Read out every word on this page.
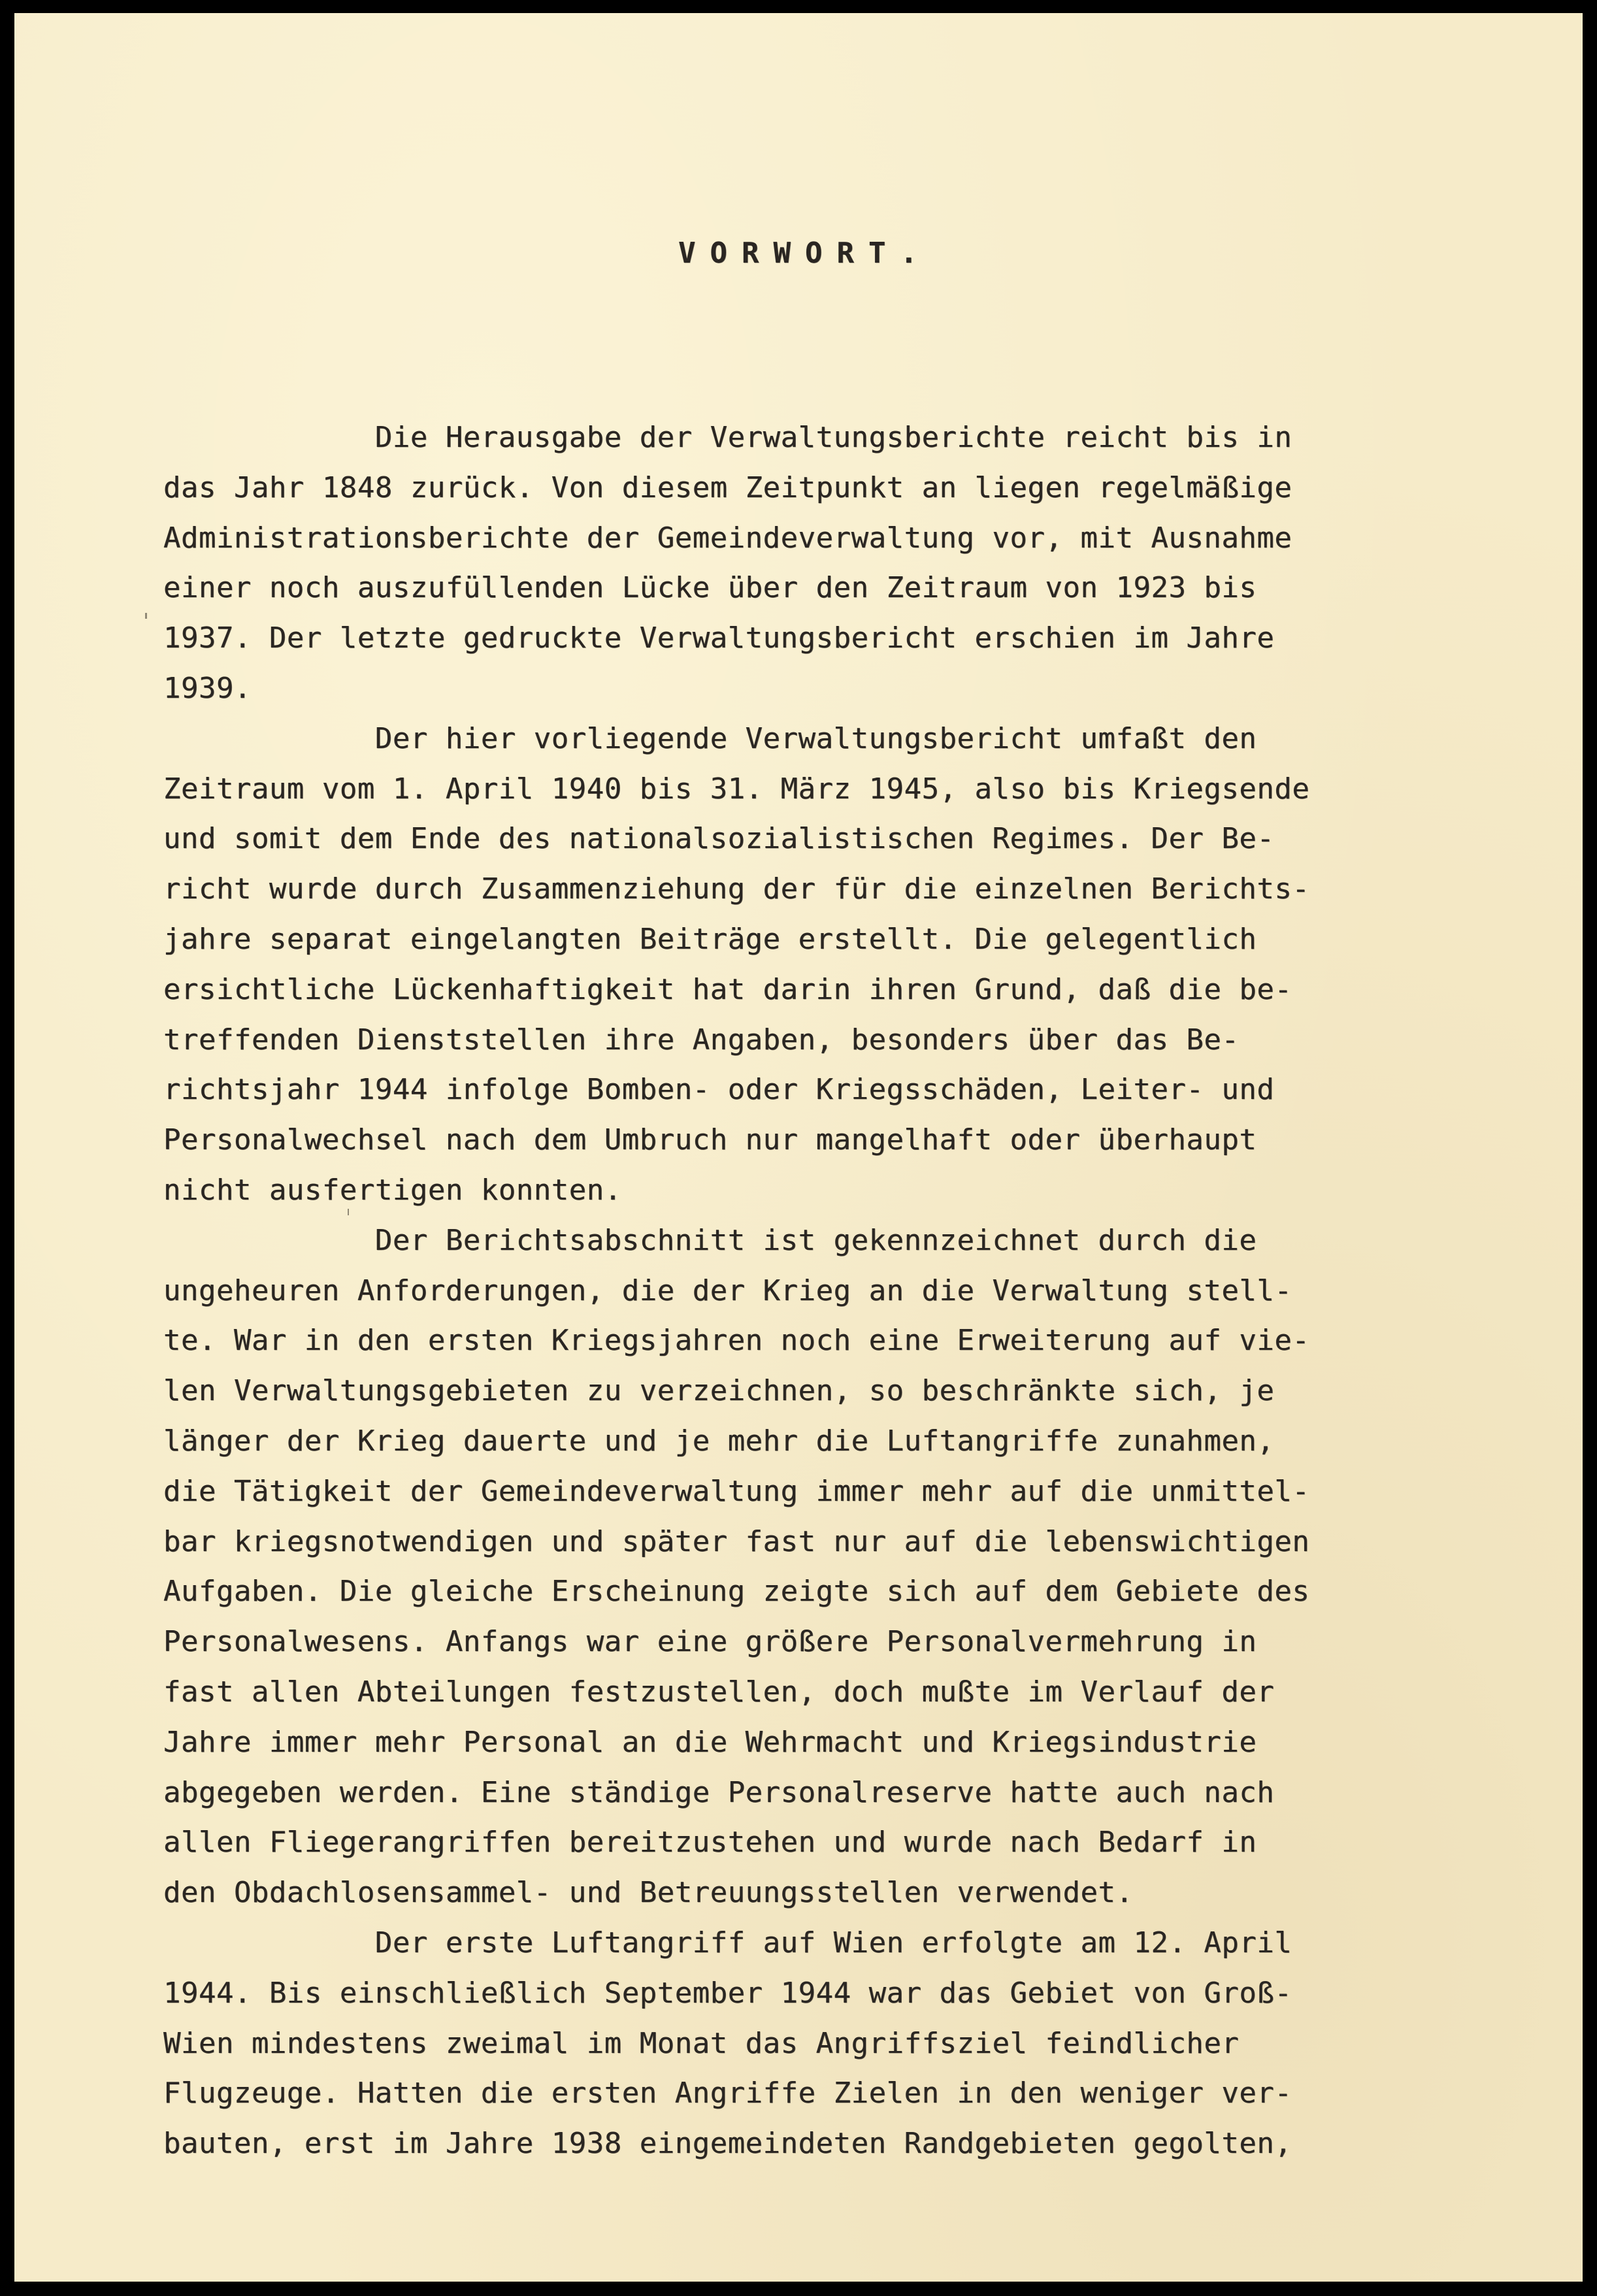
VORWORT.
Die Herausgabe der Verwaltungsberichte reicht bis in
das Jahr 1848 zurück. Von diesem Zeitpunkt an liegen regelmäßige
Administrationsberichte der Gemeindeverwaltung vor, mit Ausnahme
einer noch auszufüllenden Lücke über den Zeitraum von 1923 bis
1937. Der letzte gedruckte Verwaltungsbericht erschien im Jahre
1939.
Der hier vorliegende Verwaltungsbericht umfaßt den
Zeitraum vom 1. April 1940 bis 31. März 1945, also bis Kriegsende
und somit dem Ende des nationalsozialistischen Regimes. Der Be-
richt wurde durch Zusammenziehung der für die einzelnen Berichts-
jahre separat eingelangten Beiträge erstellt. Die gelegentlich
ersichtliche Lückenhaftigkeit hat darin ihren Grund, daß die be-
treffenden Dienststellen ihre Angaben, besonders über das Be-
richtsjahr 1944 infolge Bomben- oder Kriegsschäden, Leiter- und
Personalwechsel nach dem Umbruch nur mangelhaft oder überhaupt
nicht ausfertigen konnten.
Der Berichtsabschnitt ist gekennzeichnet durch die
ungeheuren Anforderungen, die der Krieg an die Verwaltung stell-
te. War in den ersten Kriegsjahren noch eine Erweiterung auf vie-
len Verwaltungsgebieten zu verzeichnen, so beschränkte sich, je
länger der Krieg dauerte und je mehr die Luftangriffe zunahmen,
die Tätigkeit der Gemeindeverwaltung immer mehr auf die unmittel-
bar kriegsnotwendigen und später fast nur auf die lebenswichtigen
Aufgaben. Die gleiche Erscheinung zeigte sich auf dem Gebiete des
Personalwesens. Anfangs war eine größere Personalvermehrung in
fast allen Abteilungen festzustellen, doch mußte im Verlauf der
Jahre immer mehr Personal an die Wehrmacht und Kriegsindustrie
abgegeben werden. Eine ständige Personalreserve hatte auch nach
allen Fliegerangriffen bereitzustehen und wurde nach Bedarf in
den Obdachlosensammel- und Betreuungsstellen verwendet.
Der erste Luftangriff auf Wien erfolgte am 12. April
1944. Bis einschließlich September 1944 war das Gebiet von Groß-
Wien mindestens zweimal im Monat das Angriffsziel feindlicher
Flugzeuge. Hatten die ersten Angriffe Zielen in den weniger ver-
bauten, erst im Jahre 1938 eingemeindeten Randgebieten gegolten,
